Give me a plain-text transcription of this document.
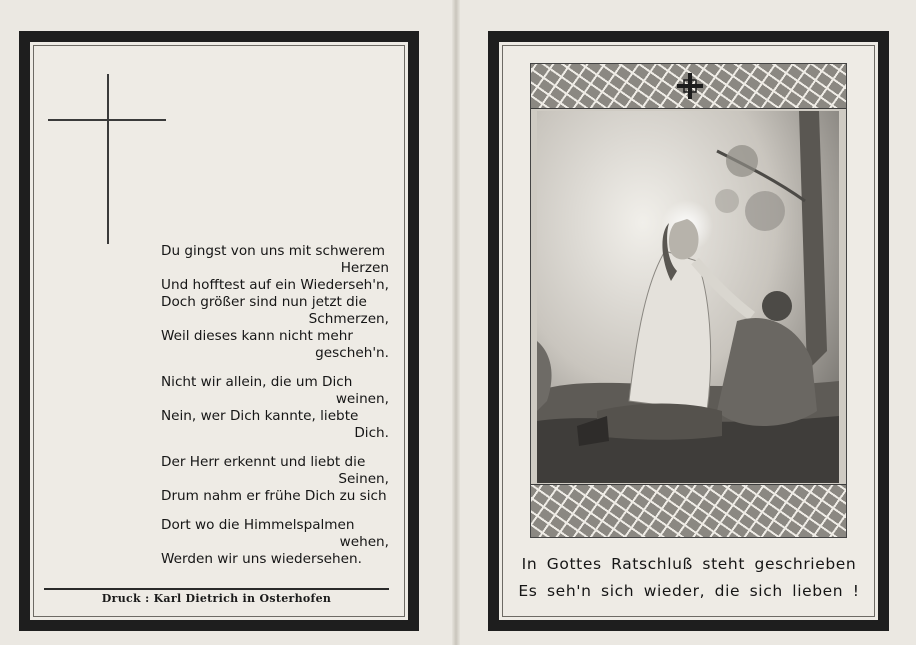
Du gingst von uns mit schwerem
Herzen
Und hofftest auf ein Wiederseh'n,
Doch größer sind nun jetzt die
Schmerzen,
Weil dieses kann nicht mehr
gescheh'n.
Nicht wir allein, die um Dich
weinen,
Nein, wer Dich kannte, liebte
Dich.
Der Herr erkennt und liebt die
Seinen,
Drum nahm er frühe Dich zu sich
Dort wo die Himmelspalmen
wehen,
Werden wir uns wiedersehen.
Druck : Karl Dietrich in Osterhofen
In Gottes Ratschluß steht geschrieben
Es seh'n sich wieder, die sich lieben !
